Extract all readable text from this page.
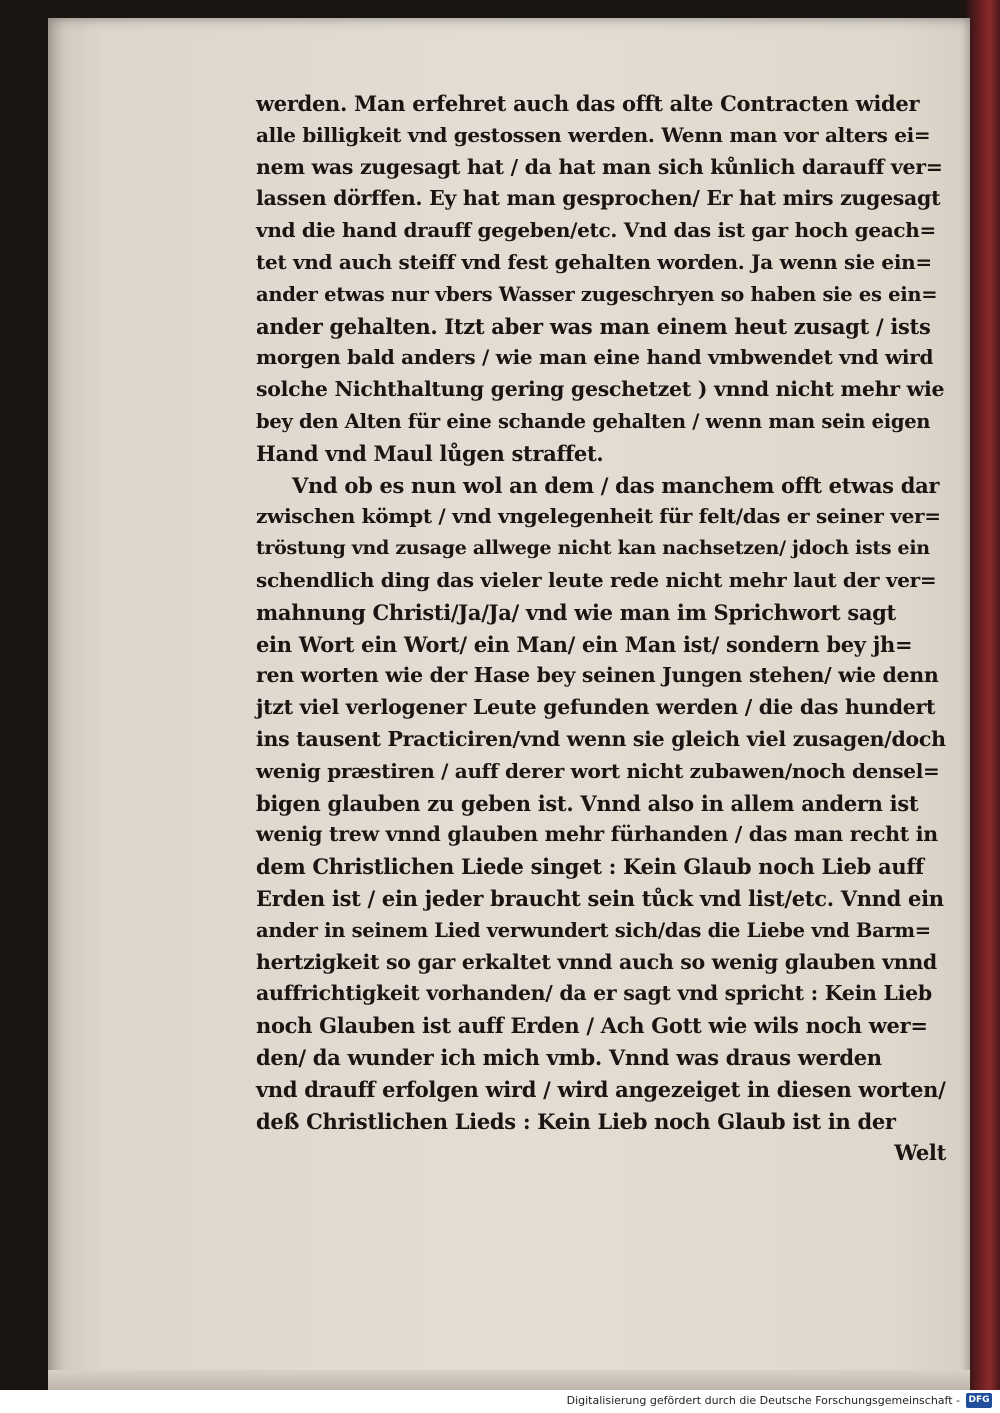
werden. Man erfehret auch das offt alte Contracten wider
alle billigkeit vnd gestossen werden. Wenn man vor alters ei=
nem was zugesagt hat / da hat man sich kůnlich darauff ver=
lassen dörffen. Ey hat man gesprochen/ Er hat mirs zugesagt
vnd die hand drauff gegeben/etc. Vnd das ist gar hoch geach=
tet vnd auch steiff vnd fest gehalten worden. Ja wenn sie ein=
ander etwas nur vbers Wasser zugeschryen so haben sie es ein=
ander gehalten. Itzt aber was man einem heut zusagt / ists
morgen bald anders / wie man eine hand vmbwendet vnd wird
solche Nichthaltung gering geschetzet ) vnnd nicht mehr wie
bey den Alten für eine schande gehalten / wenn man sein eigen
Hand vnd Maul lůgen straffet.
Vnd ob es nun wol an dem / das manchem offt etwas dar
zwischen kömpt / vnd vngelegenheit für felt/das er seiner ver=
tröstung vnd zusage allwege nicht kan nachsetzen/ jdoch ists ein
schendlich ding das vieler leute rede nicht mehr laut der ver=
mahnung Christi/Ja/Ja/ vnd wie man im Sprichwort sagt
ein Wort ein Wort/ ein Man/ ein Man ist/ sondern bey jh=
ren worten wie der Hase bey seinen Jungen stehen/ wie denn
jtzt viel verlogener Leute gefunden werden / die das hundert
ins tausent Practiciren/vnd wenn sie gleich viel zusagen/doch
wenig præstiren / auff derer wort nicht zubawen/noch densel=
bigen glauben zu geben ist. Vnnd also in allem andern ist
wenig trew vnnd glauben mehr fürhanden / das man recht in
dem Christlichen Liede singet : Kein Glaub noch Lieb auff
Erden ist / ein jeder braucht sein tůck vnd list/etc. Vnnd ein
ander in seinem Lied verwundert sich/das die Liebe vnd Barm=
hertzigkeit so gar erkaltet vnnd auch so wenig glauben vnnd
auffrichtigkeit vorhanden/ da er sagt vnd spricht : Kein Lieb
noch Glauben ist auff Erden / Ach Gott wie wils noch wer=
den/ da wunder ich mich vmb. Vnnd was draus werden
vnd drauff erfolgen wird / wird angezeiget in diesen worten/
deß Christlichen Lieds : Kein Lieb noch Glaub ist in der
Welt
Digitalisierung gefördert durch die Deutsche Forschungsgemeinschaft - DFG
